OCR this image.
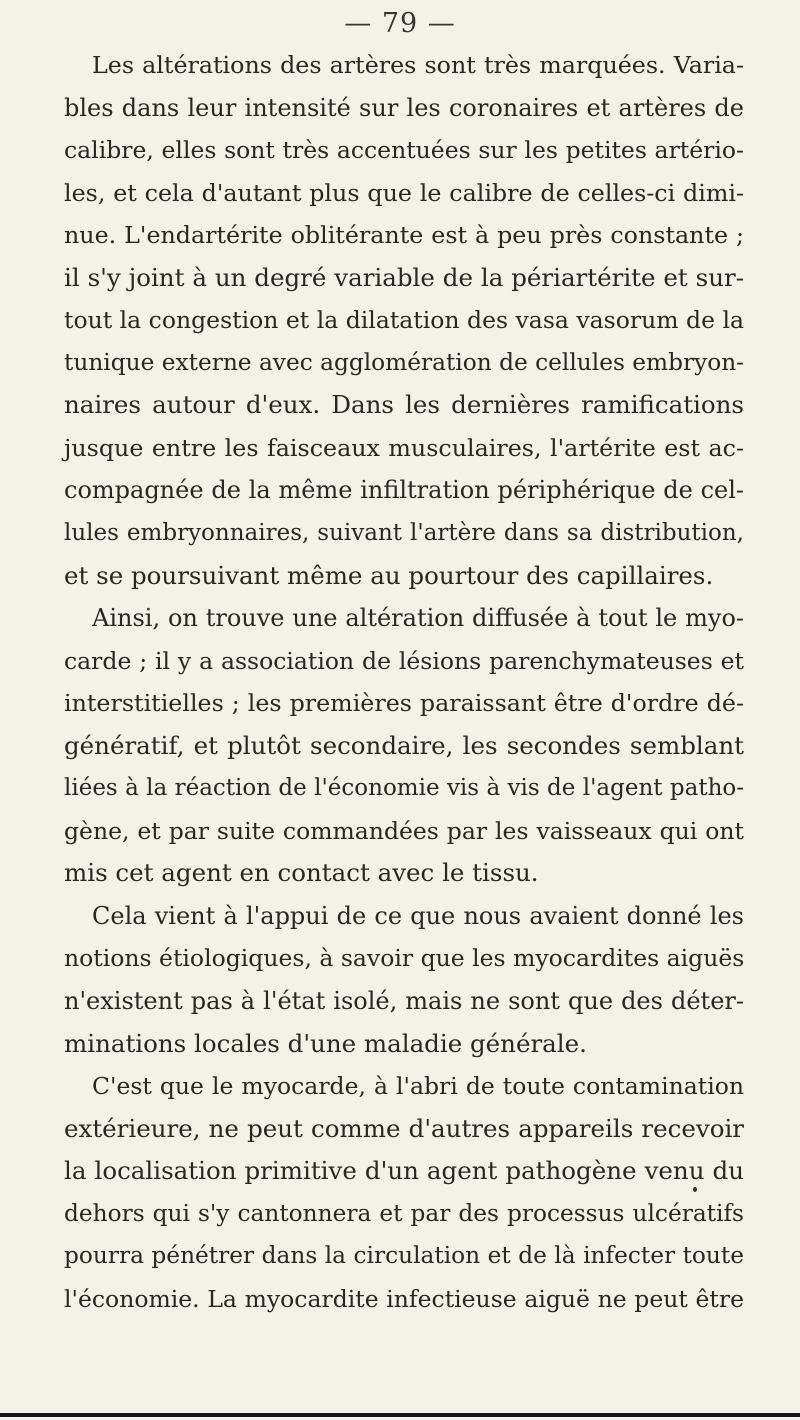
— 79 —
Les altérations des artères sont très marquées. Varia-
bles dans leur intensité sur les coronaires et artères de
calibre, elles sont très accentuées sur les petites artério-
les, et cela d'autant plus que le calibre de celles-ci dimi-
nue. L'endartérite oblitérante est à peu près constante ;
il s'y joint à un degré variable de la périartérite et sur-
tout la congestion et la dilatation des vasa vasorum de la
tunique externe avec agglomération de cellules embryon-
naires autour d'eux. Dans les dernières ramifications
jusque entre les faisceaux musculaires, l'artérite est ac-
compagnée de la même infiltration périphérique de cel-
lules embryonnaires, suivant l'artère dans sa distribution,
et se poursuivant même au pourtour des capillaires.
Ainsi, on trouve une altération diffusée à tout le myo-
carde ; il y a association de lésions parenchymateuses et
interstitielles ; les premières paraissant être d'ordre dé-
génératif, et plutôt secondaire, les secondes semblant
liées à la réaction de l'économie vis à vis de l'agent patho-
gène, et par suite commandées par les vaisseaux qui ont
mis cet agent en contact avec le tissu.
Cela vient à l'appui de ce que nous avaient donné les
notions étiologiques, à savoir que les myocardites aiguës
n'existent pas à l'état isolé, mais ne sont que des déter-
minations locales d'une maladie générale.
C'est que le myocarde, à l'abri de toute contamination
extérieure, ne peut comme d'autres appareils recevoir
la localisation primitive d'un agent pathogène venu du
dehors qui s'y cantonnera et par des processus ulcératifs
pourra pénétrer dans la circulation et de là infecter toute
l'économie. La myocardite infectieuse aiguë ne peut être
